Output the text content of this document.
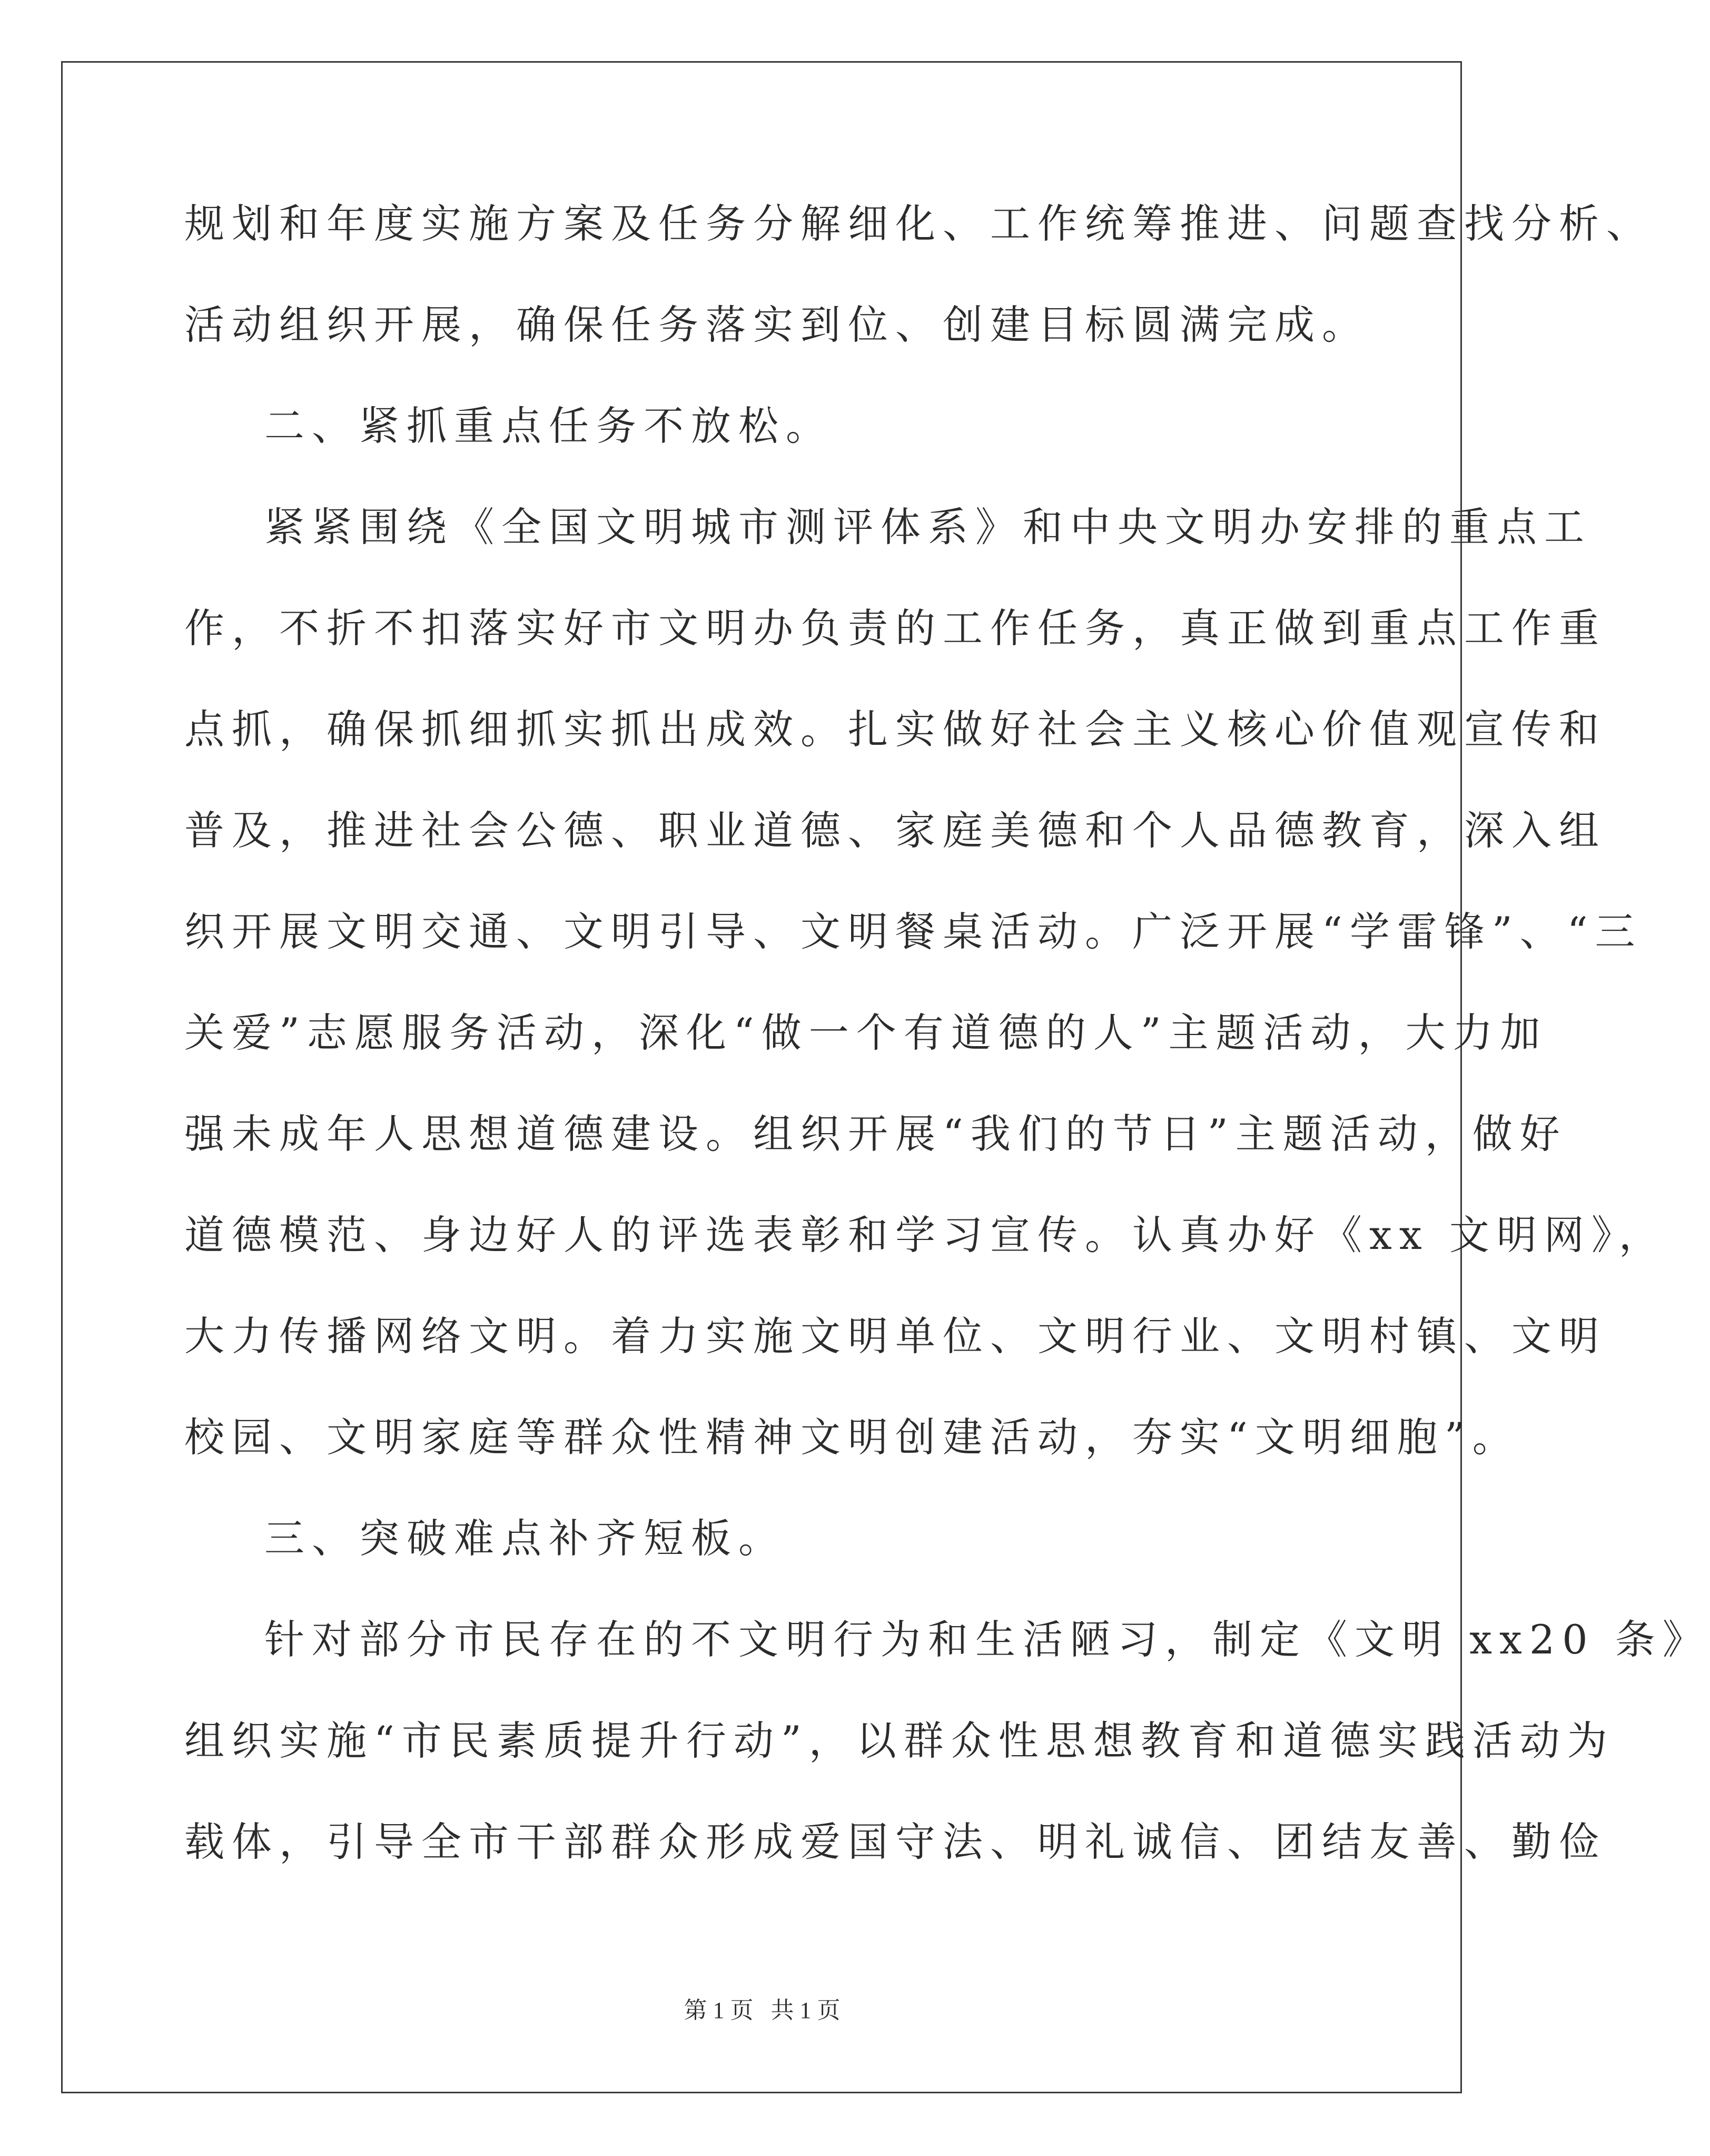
规划和年度实施方案及任务分解细化、工作统筹推进、问题查找分析、
活动组织开展，确保任务落实到位、创建目标圆满完成。
二、紧抓重点任务不放松。
紧紧围绕《全国文明城市测评体系》和中央文明办安排的重点工
作，不折不扣落实好市文明办负责的工作任务，真正做到重点工作重
点抓，确保抓细抓实抓出成效。扎实做好社会主义核心价值观宣传和
普及，推进社会公德、职业道德、家庭美德和个人品德教育，深入组
织开展文明交通、文明引导、文明餐桌活动。广泛开展“学雷锋”、“三
关爱”志愿服务活动，深化“做一个有道德的人”主题活动，大力加
强未成年人思想道德建设。组织开展“我们的节日”主题活动，做好
道德模范、身边好人的评选表彰和学习宣传。认真办好《xx 文明网》，
大力传播网络文明。着力实施文明单位、文明行业、文明村镇、文明
校园、文明家庭等群众性精神文明创建活动，夯实“文明细胞”。
三、突破难点补齐短板。
针对部分市民存在的不文明行为和生活陋习，制定《文明 xx20 条》
组织实施“市民素质提升行动”，以群众性思想教育和道德实践活动为
载体，引导全市干部群众形成爱国守法、明礼诚信、团结友善、勤俭
第 1 页 共 1 页
